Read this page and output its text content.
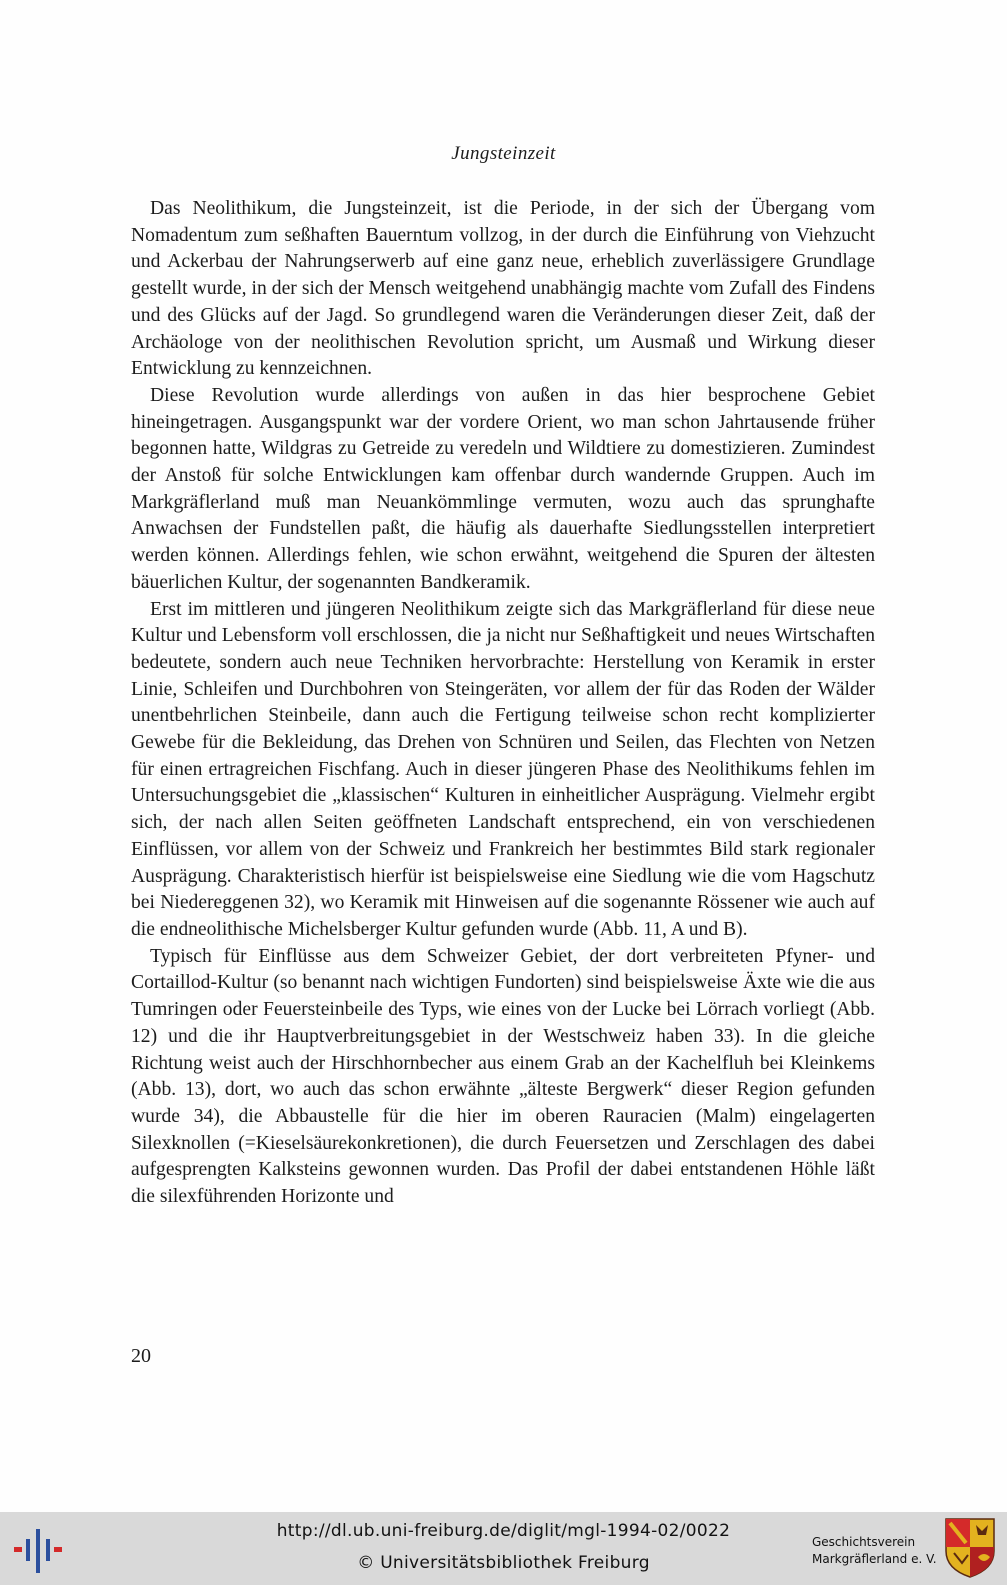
Jungsteinzeit

Das Neolithikum, die Jungsteinzeit, ist die Periode, in der sich der Übergang vom Nomadentum zum seßhaften Bauerntum vollzog, in der durch die Einführung von Viehzucht und Ackerbau der Nahrungserwerb auf eine ganz neue, erheblich zuverlässigere Grundlage gestellt wurde, in der sich der Mensch weitgehend unabhängig machte vom Zufall des Findens und des Glücks auf der Jagd. So grundlegend waren die Veränderungen dieser Zeit, daß der Archäologe von der neolithischen Revolution spricht, um Ausmaß und Wirkung dieser Entwicklung zu kennzeichnen.

Diese Revolution wurde allerdings von außen in das hier besprochene Gebiet hineingetragen. Ausgangspunkt war der vordere Orient, wo man schon Jahrtausende früher begonnen hatte, Wildgras zu Getreide zu veredeln und Wildtiere zu domestizieren. Zumindest der Anstoß für solche Entwicklungen kam offenbar durch wandernde Gruppen. Auch im Markgräflerland muß man Neuankömmlinge vermuten, wozu auch das sprunghafte Anwachsen der Fundstellen paßt, die häufig als dauerhafte Siedlungsstellen interpretiert werden können. Allerdings fehlen, wie schon erwähnt, weitgehend die Spuren der ältesten bäuerlichen Kultur, der sogenannten Bandkeramik.

Erst im mittleren und jüngeren Neolithikum zeigte sich das Markgräflerland für diese neue Kultur und Lebensform voll erschlossen, die ja nicht nur Seßhaftigkeit und neues Wirtschaften bedeutete, sondern auch neue Techniken hervorbrachte: Herstellung von Keramik in erster Linie, Schleifen und Durchbohren von Steingeräten, vor allem der für das Roden der Wälder unentbehrlichen Steinbeile, dann auch die Fertigung teilweise schon recht komplizierter Gewebe für die Bekleidung, das Drehen von Schnüren und Seilen, das Flechten von Netzen für einen ertragreichen Fischfang. Auch in dieser jüngeren Phase des Neolithikums fehlen im Untersuchungsgebiet die „klassischen“ Kulturen in einheitlicher Ausprägung. Vielmehr ergibt sich, der nach allen Seiten geöffneten Landschaft entsprechend, ein von verschiedenen Einflüssen, vor allem von der Schweiz und Frankreich her bestimmtes Bild stark regionaler Ausprägung. Charakteristisch hierfür ist beispielsweise eine Siedlung wie die vom Hagschutz bei Niedereggenen 32), wo Keramik mit Hinweisen auf die sogenannte Rössener wie auch auf die endneolithische Michelsberger Kultur gefunden wurde (Abb. 11, A und B).

Typisch für Einflüsse aus dem Schweizer Gebiet, der dort verbreiteten Pfyner- und Cortaillod-Kultur (so benannt nach wichtigen Fundorten) sind beispielsweise Äxte wie die aus Tumringen oder Feuersteinbeile des Typs, wie eines von der Lucke bei Lörrach vorliegt (Abb. 12) und die ihr Hauptverbreitungsgebiet in der Westschweiz haben 33). In die gleiche Richtung weist auch der Hirschhornbecher aus einem Grab an der Kachelfluh bei Kleinkems (Abb. 13), dort, wo auch das schon erwähnte „älteste Bergwerk“ dieser Region gefunden wurde 34), die Abbaustelle für die hier im oberen Rauracien (Malm) eingelagerten Silexknollen (=Kieselsäurekonkretionen), die durch Feuersetzen und Zerschlagen des dabei aufgesprengten Kalksteins gewonnen wurden. Das Profil der dabei entstandenen Höhle läßt die silexführenden Horizonte und

20
http://dl.ub.uni-freiburg.de/diglit/mgl-1994-02/0022
© Universitätsbibliothek Freiburg
Geschichtsverein
Markgräflerland e. V.
